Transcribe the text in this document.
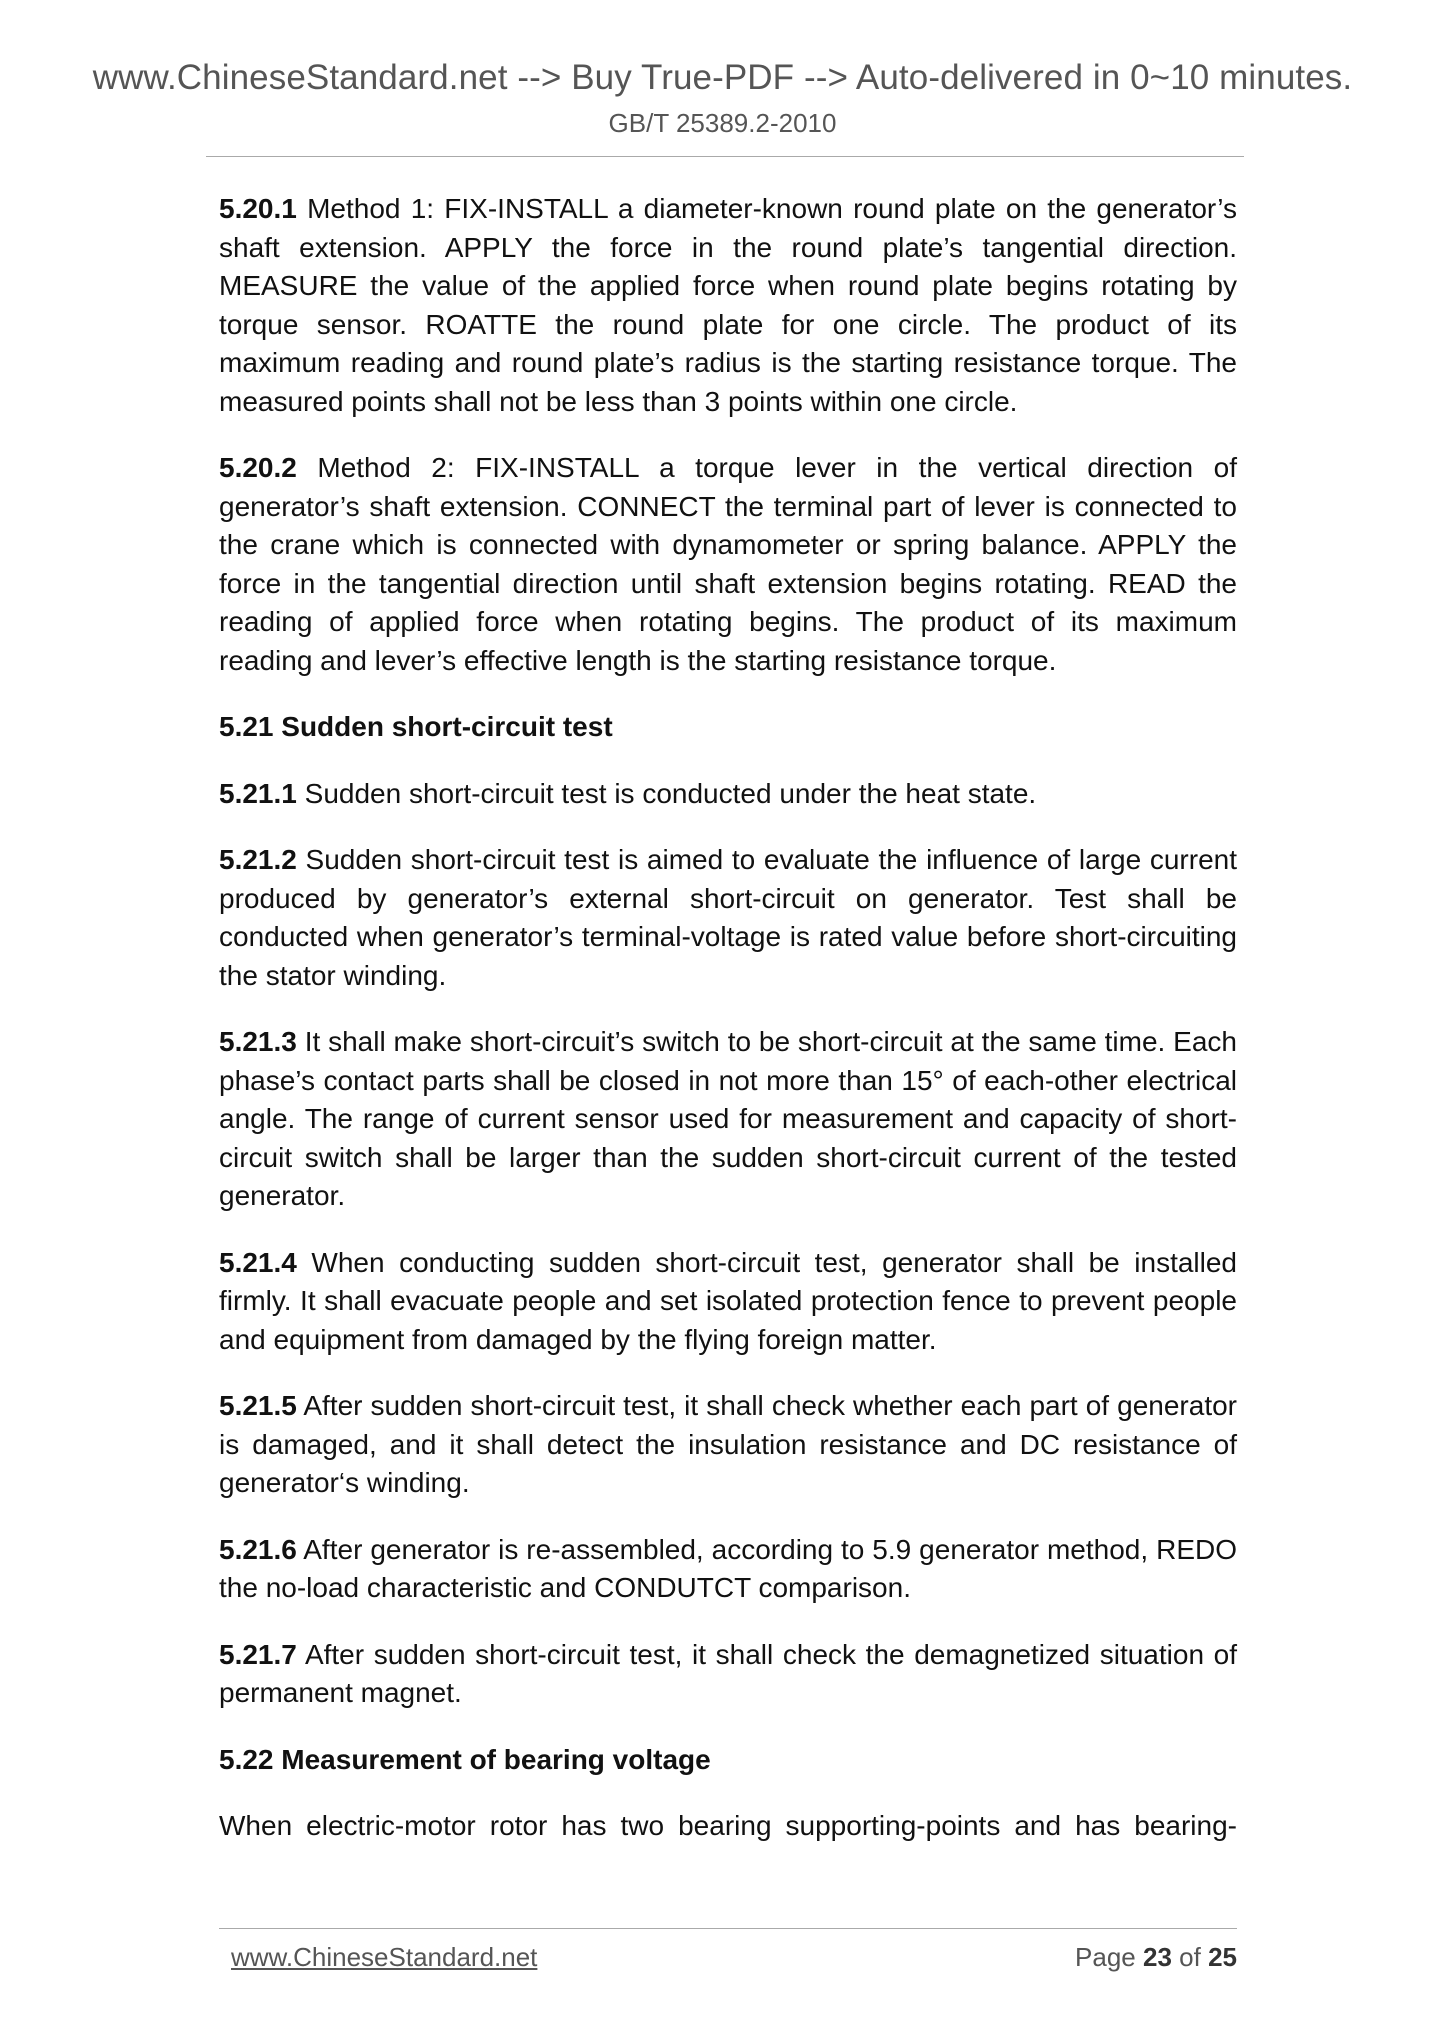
www.ChineseStandard.net --> Buy True-PDF --> Auto-delivered in 0~10 minutes.
GB/T 25389.2-2010

5.20.1 Method 1: FIX-INSTALL a diameter-known round plate on the generator’s shaft extension. APPLY the force in the round plate’s tangential direction. MEASURE the value of the applied force when round plate begins rotating by torque sensor. ROATTE the round plate for one circle. The product of its maximum reading and round plate’s radius is the starting resistance torque. The measured points shall not be less than 3 points within one circle.

5.20.2 Method 2: FIX-INSTALL a torque lever in the vertical direction of generator’s shaft extension. CONNECT the terminal part of lever is connected to the crane which is connected with dynamometer or spring balance. APPLY the force in the tangential direction until shaft extension begins rotating. READ the reading of applied force when rotating begins. The product of its maximum reading and lever’s effective length is the starting resistance torque.

5.21 Sudden short-circuit test

5.21.1 Sudden short-circuit test is conducted under the heat state.

5.21.2 Sudden short-circuit test is aimed to evaluate the influence of large current produced by generator’s external short-circuit on generator. Test shall be conducted when generator’s terminal-voltage is rated value before short-circuiting the stator winding.

5.21.3 It shall make short-circuit’s switch to be short-circuit at the same time. Each phase’s contact parts shall be closed in not more than 15° of each-other electrical angle. The range of current sensor used for measurement and capacity of short-circuit switch shall be larger than the sudden short-circuit current of the tested generator.

5.21.4 When conducting sudden short-circuit test, generator shall be installed firmly. It shall evacuate people and set isolated protection fence to prevent people and equipment from damaged by the flying foreign matter.

5.21.5 After sudden short-circuit test, it shall check whether each part of generator is damaged, and it shall detect the insulation resistance and DC resistance of generator‘s winding.

5.21.6 After generator is re-assembled, according to 5.9 generator method, REDO the no-load characteristic and CONDUTCT comparison.

5.21.7 After sudden short-circuit test, it shall check the demagnetized situation of permanent magnet.

5.22 Measurement of bearing voltage

When electric-motor rotor has two bearing supporting-points and has bearing-

www.ChineseStandard.net	Page 23 of 25
